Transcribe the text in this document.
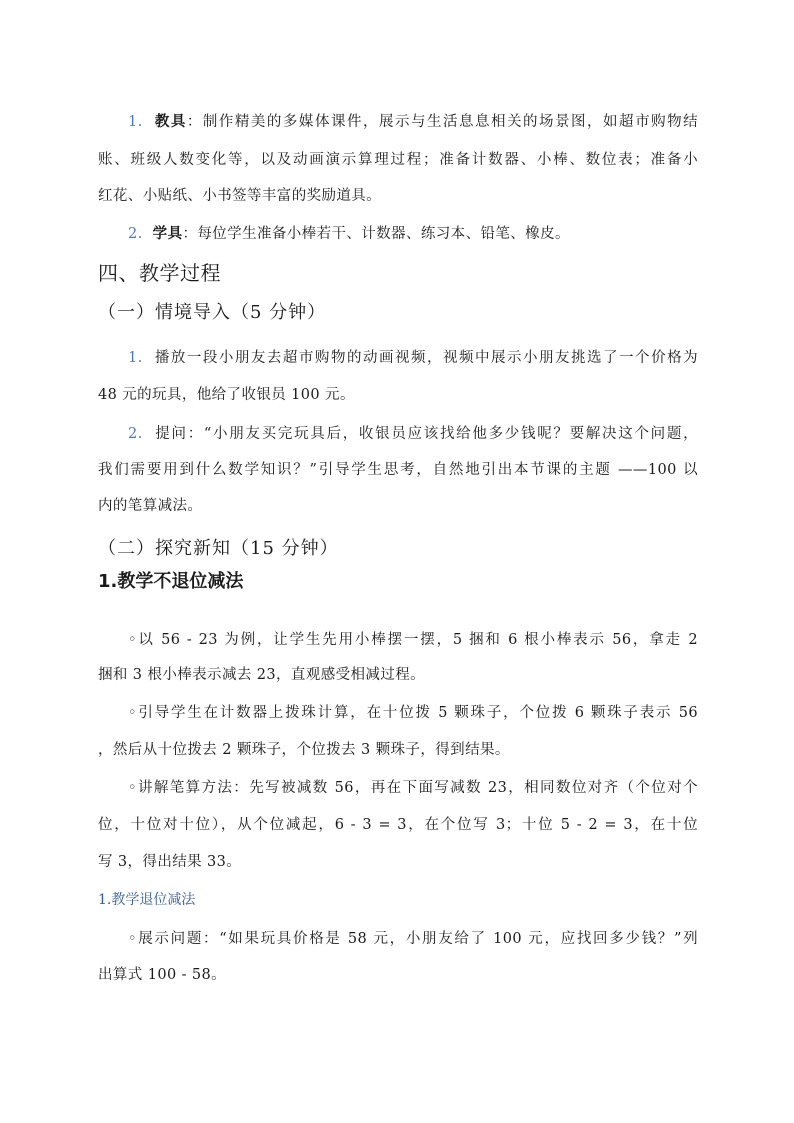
1. 教具：制作精美的多媒体课件，展示与生活息息相关的场景图，如超市购物结
账、班级人数变化等，以及动画演示算理过程；准备计数器、小棒、数位表；准备小
红花、小贴纸、小书签等丰富的奖励道具。
2. 学具：每位学生准备小棒若干、计数器、练习本、铅笔、橡皮。
四、教学过程
（一）情境导入（5 分钟）
1. 播放一段小朋友去超市购物的动画视频，视频中展示小朋友挑选了一个价格为
48 元的玩具，他给了收银员 100 元。
2. 提问：“小朋友买完玩具后，收银员应该找给他多少钱呢？要解决这个问题，
我们需要用到什么数学知识？”引导学生思考，自然地引出本节课的主题 ——100 以
内的笔算减法。
（二）探究新知（15 分钟）
1.教学不退位减法
◦以 56 - 23 为例，让学生先用小棒摆一摆，5 捆和 6 根小棒表示 56，拿走 2
捆和 3 根小棒表示减去 23，直观感受相减过程。
◦引导学生在计数器上拨珠计算，在十位拨 5 颗珠子，个位拨 6 颗珠子表示 56
，然后从十位拨去 2 颗珠子，个位拨去 3 颗珠子，得到结果。
◦讲解笔算方法：先写被减数 56，再在下面写减数 23，相同数位对齐（个位对个
位，十位对十位），从个位减起，6 - 3 = 3，在个位写 3；十位 5 - 2 = 3，在十位
写 3，得出结果 33。
1.教学退位减法
◦展示问题：“如果玩具价格是 58 元，小朋友给了 100 元，应找回多少钱？”列
出算式 100 - 58。
